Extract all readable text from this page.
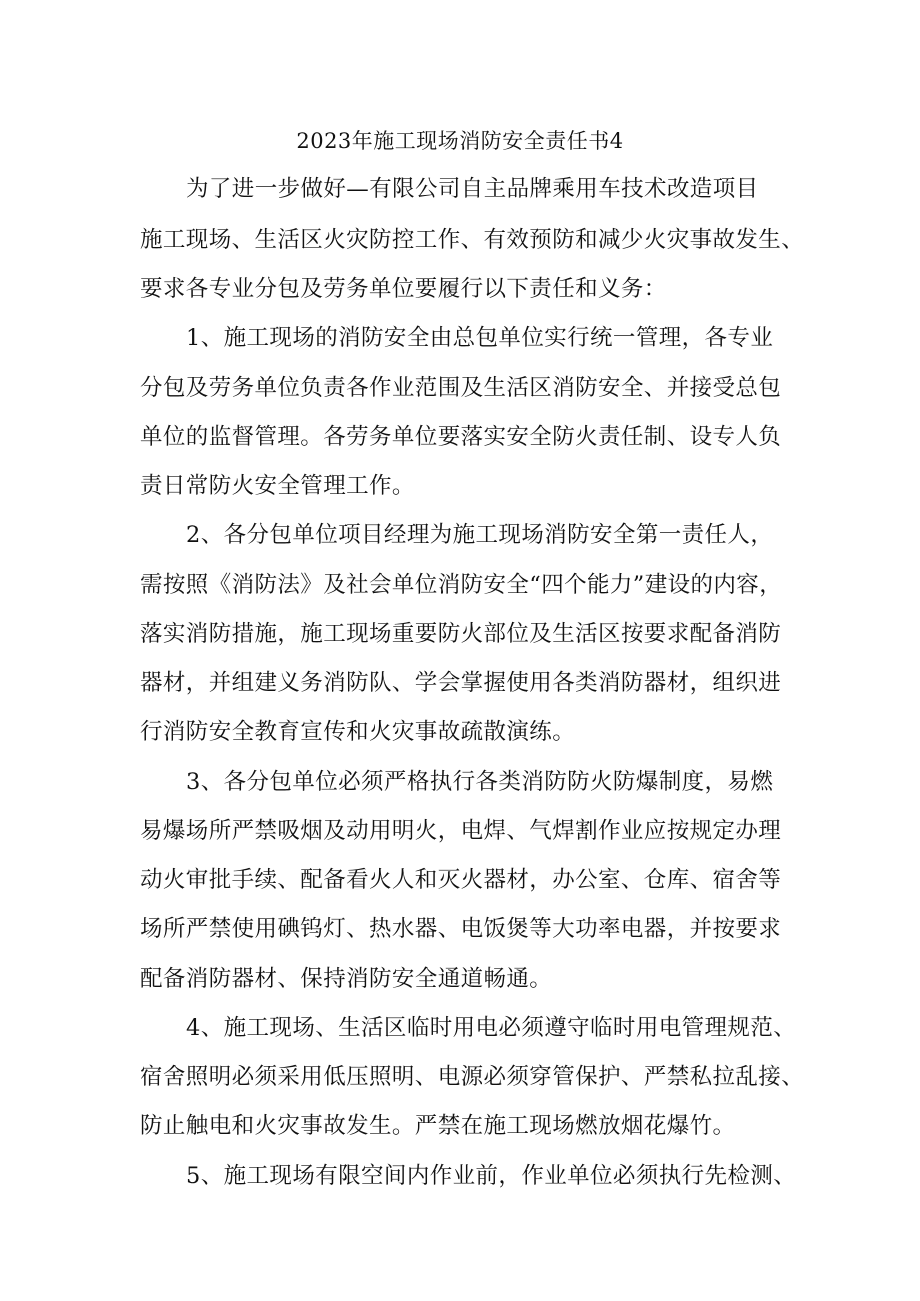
2023年施工现场消防安全责任书4
为了进一步做好—有限公司自主品牌乘用车技术改造项目
施工现场、生活区火灾防控工作、有效预防和减少火灾事故发生、
要求各专业分包及劳务单位要履行以下责任和义务：
1、施工现场的消防安全由总包单位实行统一管理，各专业
分包及劳务单位负责各作业范围及生活区消防安全、并接受总包
单位的监督管理。各劳务单位要落实安全防火责任制、设专人负
责日常防火安全管理工作。
2、各分包单位项目经理为施工现场消防安全第一责任人，
需按照《消防法》及社会单位消防安全“四个能力”建设的内容，
落实消防措施，施工现场重要防火部位及生活区按要求配备消防
器材，并组建义务消防队、学会掌握使用各类消防器材，组织进
行消防安全教育宣传和火灾事故疏散演练。
3、各分包单位必须严格执行各类消防防火防爆制度，易燃
易爆场所严禁吸烟及动用明火，电焊、气焊割作业应按规定办理
动火审批手续、配备看火人和灭火器材，办公室、仓库、宿舍等
场所严禁使用碘钨灯、热水器、电饭煲等大功率电器，并按要求
配备消防器材、保持消防安全通道畅通。
4、施工现场、生活区临时用电必须遵守临时用电管理规范、
宿舍照明必须采用低压照明、电源必须穿管保护、严禁私拉乱接、
防止触电和火灾事故发生。严禁在施工现场燃放烟花爆竹。
5、施工现场有限空间内作业前，作业单位必须执行先检测、
